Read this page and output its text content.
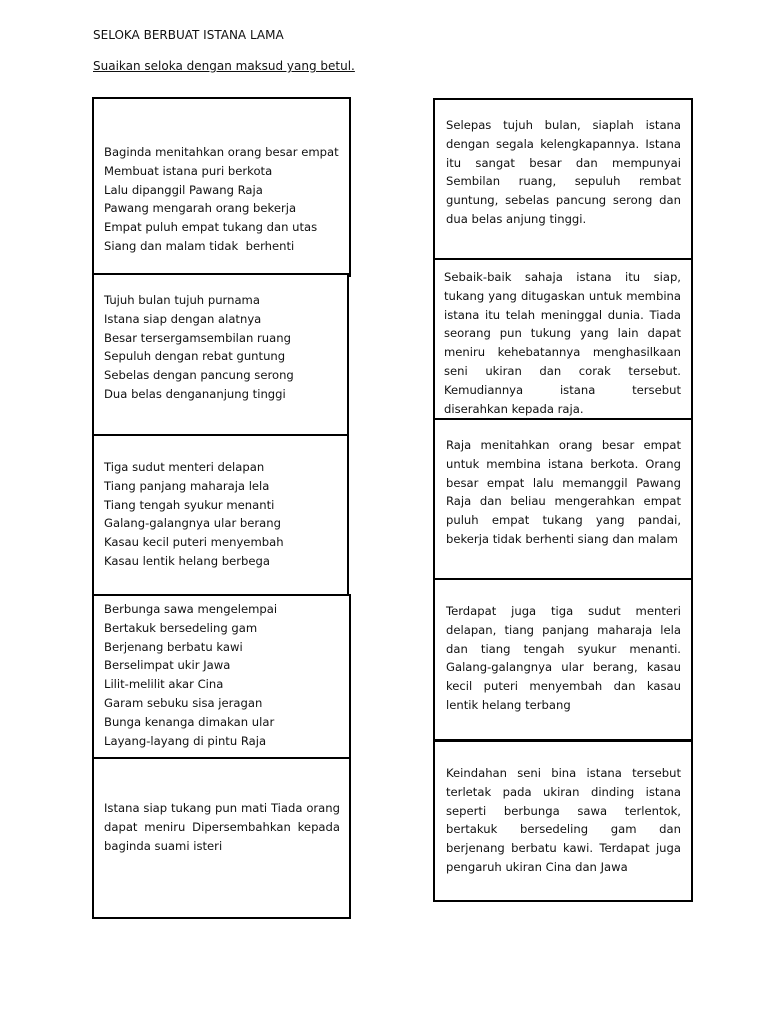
SELOKA BERBUAT ISTANA LAMA
Suaikan seloka dengan maksud yang betul.

Baginda menitahkan orang besar empat
Membuat istana puri berkota
Lalu dipanggil Pawang Raja
Pawang mengarah orang bekerja
Empat puluh empat tukang dan utas
Siang dan malam tidak  berhenti

Tujuh bulan tujuh purnama
Istana siap dengan alatnya
Besar tersergamsembilan ruang
Sepuluh dengan rebat guntung
Sebelas dengan pancung serong
Dua belas dengananjung tinggi

Tiga sudut menteri delapan
Tiang panjang maharaja lela
Tiang tengah syukur menanti
Galang-galangnya ular berang
Kasau kecil puteri menyembah
Kasau lentik helang berbega

Berbunga sawa mengelempai
Bertakuk bersedeling gam
Berjenang berbatu kawi
Berselimpat ukir Jawa
Lilit-melilit akar Cina
Garam sebuku sisa jeragan
Bunga kenanga dimakan ular
Layang-layang di pintu Raja

Istana siap tukang pun mati Tiada orang dapat meniru Dipersembahkan kepada baginda suami isteri

Selepas tujuh bulan, siaplah istana dengan segala kelengkapannya. Istana itu sangat besar dan mempunyai Sembilan ruang, sepuluh rembat guntung, sebelas pancung serong dan dua belas anjung tinggi.

Sebaik-baik sahaja istana itu siap, tukang yang ditugaskan untuk membina istana itu telah meninggal dunia. Tiada seorang pun tukung yang lain dapat meniru kehebatannya menghasilkaan seni ukiran dan corak tersebut. Kemudiannya istana tersebut diserahkan kepada raja.

Raja menitahkan orang besar empat untuk membina istana berkota. Orang besar empat lalu memanggil Pawang Raja dan beliau mengerahkan empat puluh empat tukang yang pandai, bekerja tidak berhenti siang dan malam

Terdapat juga tiga sudut menteri delapan, tiang panjang maharaja lela dan tiang tengah syukur menanti. Galang-galangnya ular berang, kasau kecil puteri menyembah dan kasau lentik helang terbang

Keindahan seni bina istana tersebut terletak pada ukiran dinding istana seperti berbunga sawa terlentok, bertakuk bersedeling gam dan berjenang berbatu kawi. Terdapat juga pengaruh ukiran Cina dan Jawa
